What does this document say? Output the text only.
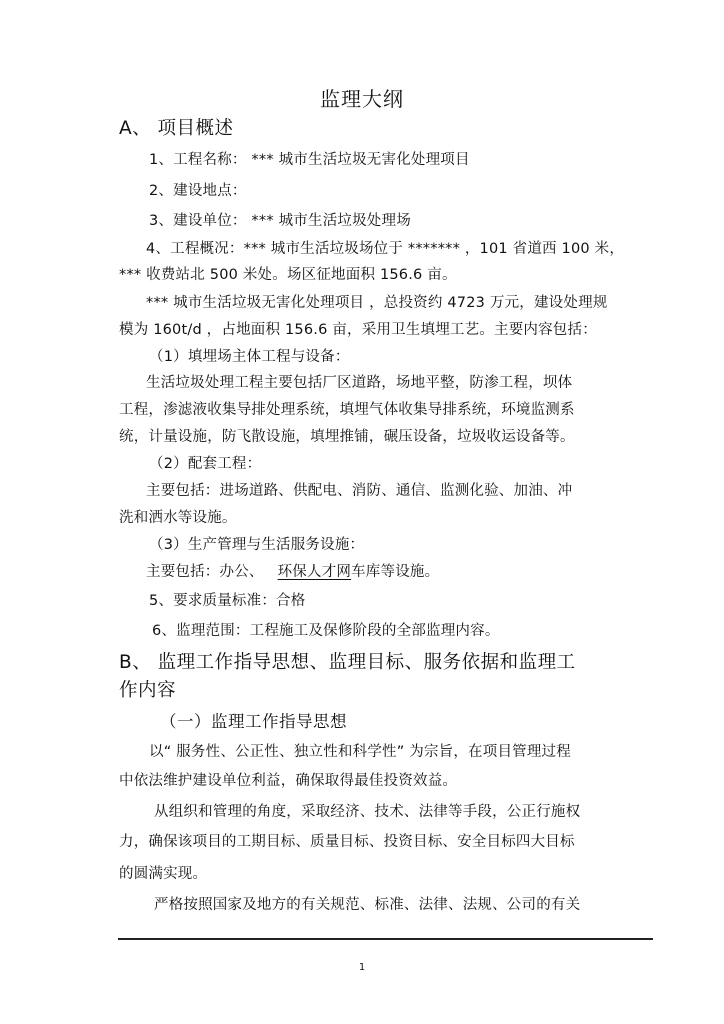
监理大纲
A、 项目概述
1、工程名称： *** 城市生活垃圾无害化处理项目
2、建设地点：
3、建设单位： *** 城市生活垃圾处理场
4、工程概况：*** 城市生活垃圾场位于 ******* ，101 省道西 100 米，
*** 收费站北 500 米处。场区征地面积 156.6 亩。
*** 城市生活垃圾无害化处理项目 ，总投资约 4723 万元，建设处理规
模为 160t/d ，占地面积 156.6 亩，采用卫生填埋工艺。主要内容包括：
（1）填埋场主体工程与设备：
生活垃圾处理工程主要包括厂区道路，场地平整，防渗工程，坝体
工程，渗滤液收集导排处理系统，填埋气体收集导排系统，环境监测系
统，计量设施，防飞散设施，填埋推铺，碾压设备，垃圾收运设备等。
（2）配套工程：
主要包括：进场道路、供配电、消防、通信、监测化验、加油、冲
洗和洒水等设施。
（3）生产管理与生活服务设施：
主要包括：办公、 环保人才网车库等设施。
5、要求质量标准：合格
6、监理范围：工程施工及保修阶段的全部监理内容。
B、 监理工作指导思想、监理目标、服务依据和监理工
作内容
（一）监理工作指导思想
以“ 服务性、公正性、独立性和科学性” 为宗旨，在项目管理过程
中依法维护建设单位利益，确保取得最佳投资效益。
从组织和管理的角度，采取经济、技术、法律等手段，公正行施权
力，确保该项目的工期目标、质量目标、投资目标、安全目标四大目标
的圆满实现。
严格按照国家及地方的有关规范、标准、法律、法规、公司的有关
1
